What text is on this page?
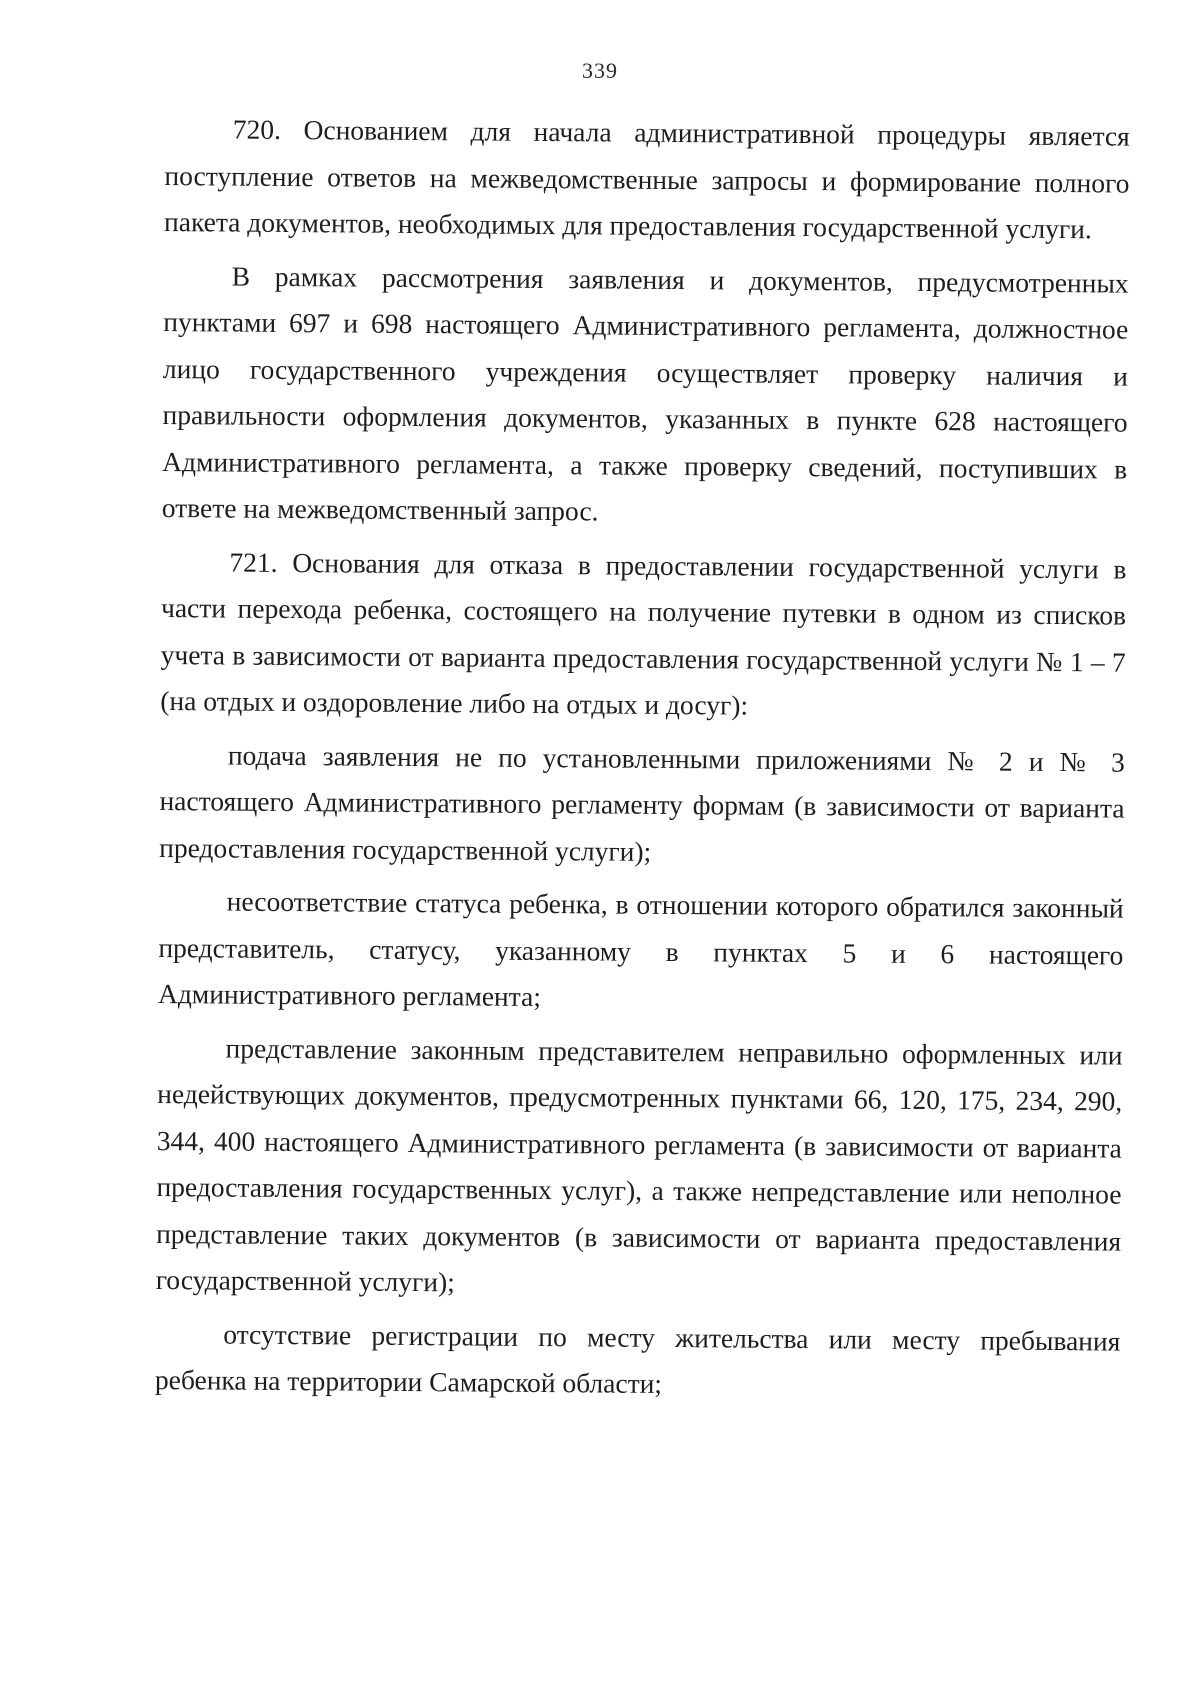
339

720. Основанием для начала административной процедуры является поступление ответов на межведомственные запросы и формирование полного пакета документов, необходимых для предоставления государственной услуги.

В рамках рассмотрения заявления и документов, предусмотренных пунктами 697 и 698 настоящего Административного регламента, должностное лицо государственного учреждения осуществляет проверку наличия и правильности оформления документов, указанных в пункте 628 настоящего Административного регламента, а также проверку сведений, поступивших в ответе на межведомственный запрос.

721. Основания для отказа в предоставлении государственной услуги в части перехода ребенка, состоящего на получение путевки в одном из списков учета в зависимости от варианта предоставления государственной услуги № 1 – 7 (на отдых и оздоровление либо на отдых и досуг):

подача заявления не по установленными приложениями № 2 и № 3 настоящего Административного регламенту формам (в зависимости от варианта предоставления государственной услуги);

несоответствие статуса ребенка, в отношении которого обратился законный представитель, статусу, указанному в пунктах 5 и 6 настоящего Административного регламента;

представление законным представителем неправильно оформленных или недействующих документов, предусмотренных пунктами 66, 120, 175, 234, 290, 344, 400 настоящего Административного регламента (в зависимости от варианта предоставления государственных услуг), а также непредставление или неполное представление таких документов (в зависимости от варианта предоставления государственной услуги);

отсутствие регистрации по месту жительства или месту пребывания ребенка на территории Самарской области;
